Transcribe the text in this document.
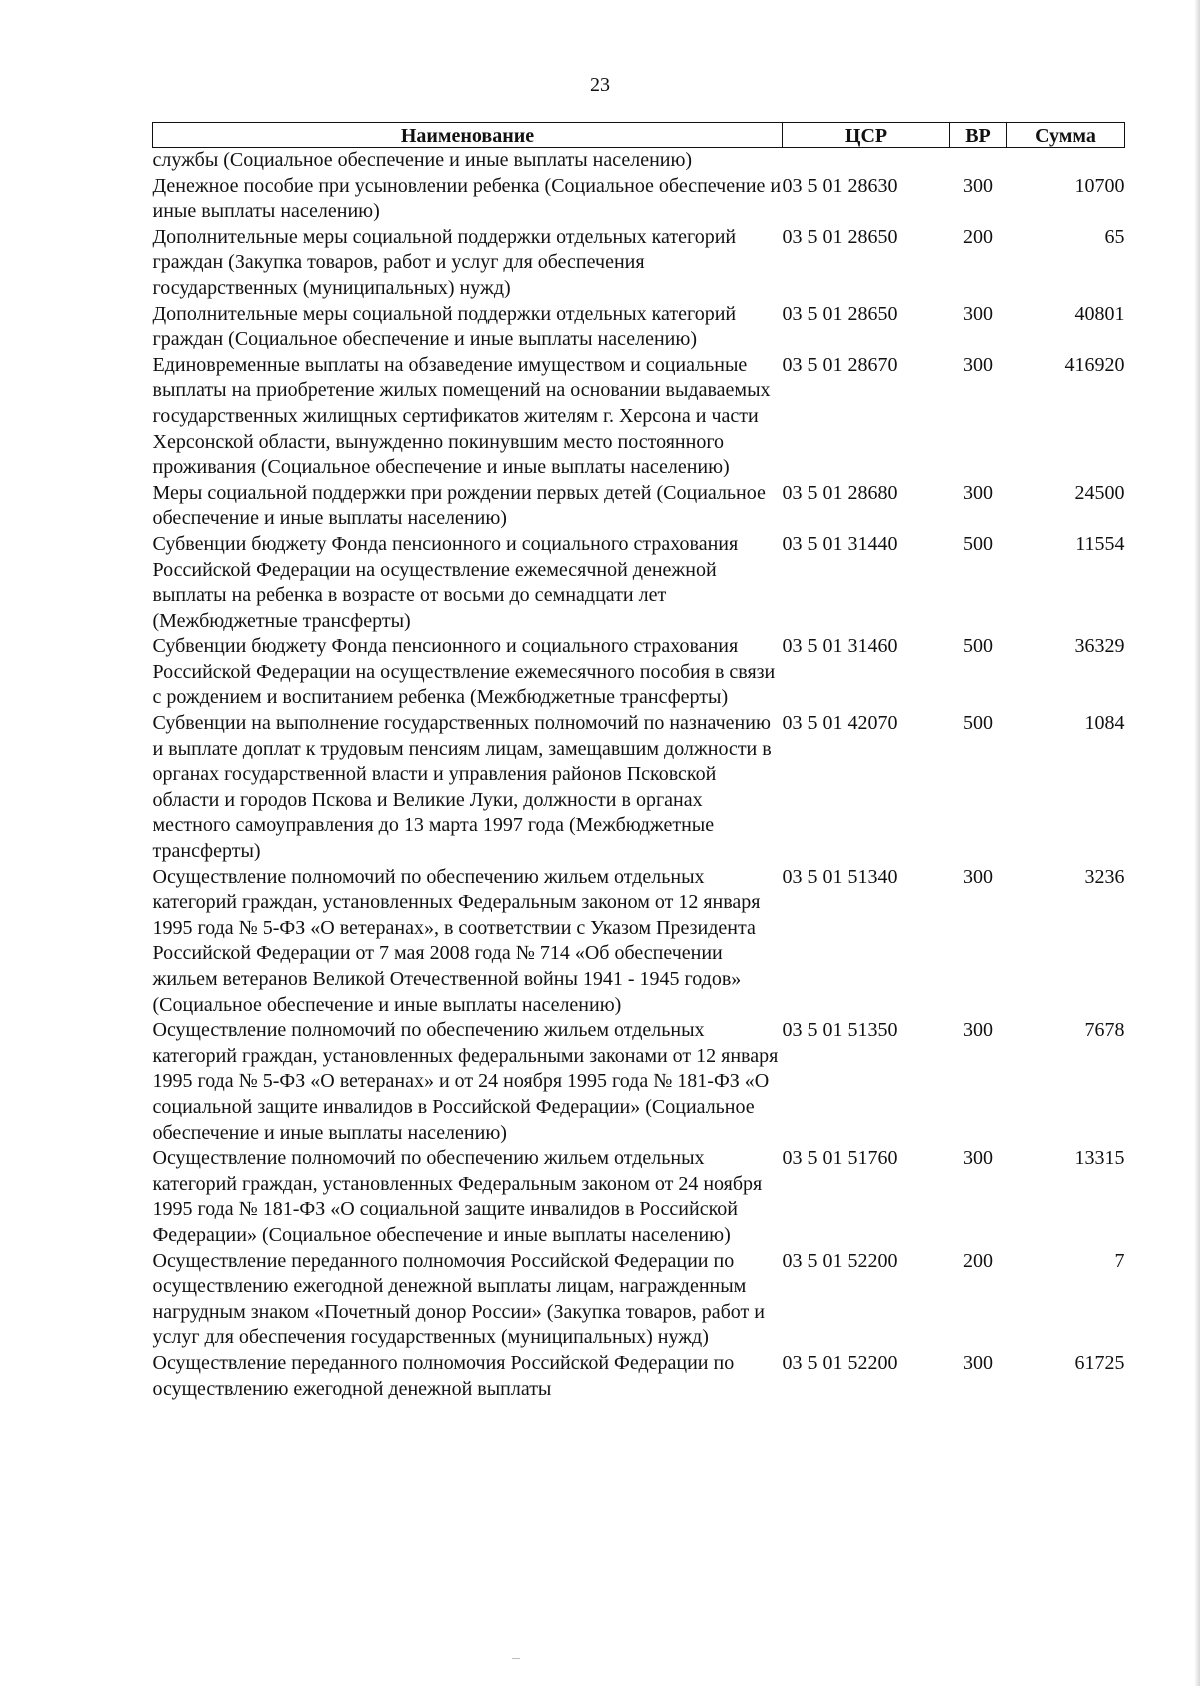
23
Наименование	ЦСР	ВР	Сумма
службы (Социальное обеспечение и иные выплаты населению)			
Денежное пособие при усыновлении ребенка (Социальное обеспечение и иные выплаты населению)	03 5 01 28630	300	10700
Дополнительные меры социальной поддержки отдельных категорий граждан (Закупка товаров, работ и услуг для обеспечения государственных (муниципальных) нужд)	03 5 01 28650	200	65
Дополнительные меры социальной поддержки отдельных категорий граждан (Социальное обеспечение и иные выплаты населению)	03 5 01 28650	300	40801
Единовременные выплаты на обзаведение имуществом и социальные выплаты на приобретение жилых помещений на основании выдаваемых государственных жилищных сертификатов жителям г. Херсона и части Херсонской области, вынужденно покинувшим место постоянного проживания (Социальное обеспечение и иные выплаты населению)	03 5 01 28670	300	416920
Меры социальной поддержки при рождении первых детей (Социальное обеспечение и иные выплаты населению)	03 5 01 28680	300	24500
Субвенции бюджету Фонда пенсионного и социального страхования Российской Федерации на осуществление ежемесячной денежной выплаты на ребенка в возрасте от восьми до семнадцати лет (Межбюджетные трансферты)	03 5 01 31440	500	11554
Субвенции бюджету Фонда пенсионного и социального страхования Российской Федерации на осуществление ежемесячного пособия в связи с рождением и воспитанием ребенка (Межбюджетные трансферты)	03 5 01 31460	500	36329
Субвенции на выполнение государственных полномочий по назначению и выплате доплат к трудовым пенсиям лицам, замещавшим должности в органах государственной власти и управления районов Псковской области и городов Пскова и Великие Луки, должности в органах местного самоуправления до 13 марта 1997 года (Межбюджетные трансферты)	03 5 01 42070	500	1084
Осуществление полномочий по обеспечению жильем отдельных категорий граждан, установленных Федеральным законом от 12 января 1995 года № 5-ФЗ «О ветеранах», в соответствии с Указом Президента Российской Федерации от 7 мая 2008 года № 714 «Об обеспечении жильем ветеранов Великой Отечественной войны 1941 - 1945 годов» (Социальное обеспечение и иные выплаты населению)	03 5 01 51340	300	3236
Осуществление полномочий по обеспечению жильем отдельных категорий граждан, установленных федеральными законами от 12 января 1995 года № 5-ФЗ «О ветеранах» и от 24 ноября 1995 года № 181-ФЗ «О социальной защите инвалидов в Российской Федерации» (Социальное обеспечение и иные выплаты населению)	03 5 01 51350	300	7678
Осуществление полномочий по обеспечению жильем отдельных категорий граждан, установленных Федеральным законом от 24 ноября 1995 года № 181-ФЗ «О социальной защите инвалидов в Российской Федерации» (Социальное обеспечение и иные выплаты населению)	03 5 01 51760	300	13315
Осуществление переданного полномочия Российской Федерации по осуществлению ежегодной денежной выплаты лицам, награжденным нагрудным знаком «Почетный донор России» (Закупка товаров, работ и услуг для обеспечения государственных (муниципальных) нужд)	03 5 01 52200	200	7
Осуществление переданного полномочия Российской Федерации по осуществлению ежегодной денежной выплаты	03 5 01 52200	300	61725
